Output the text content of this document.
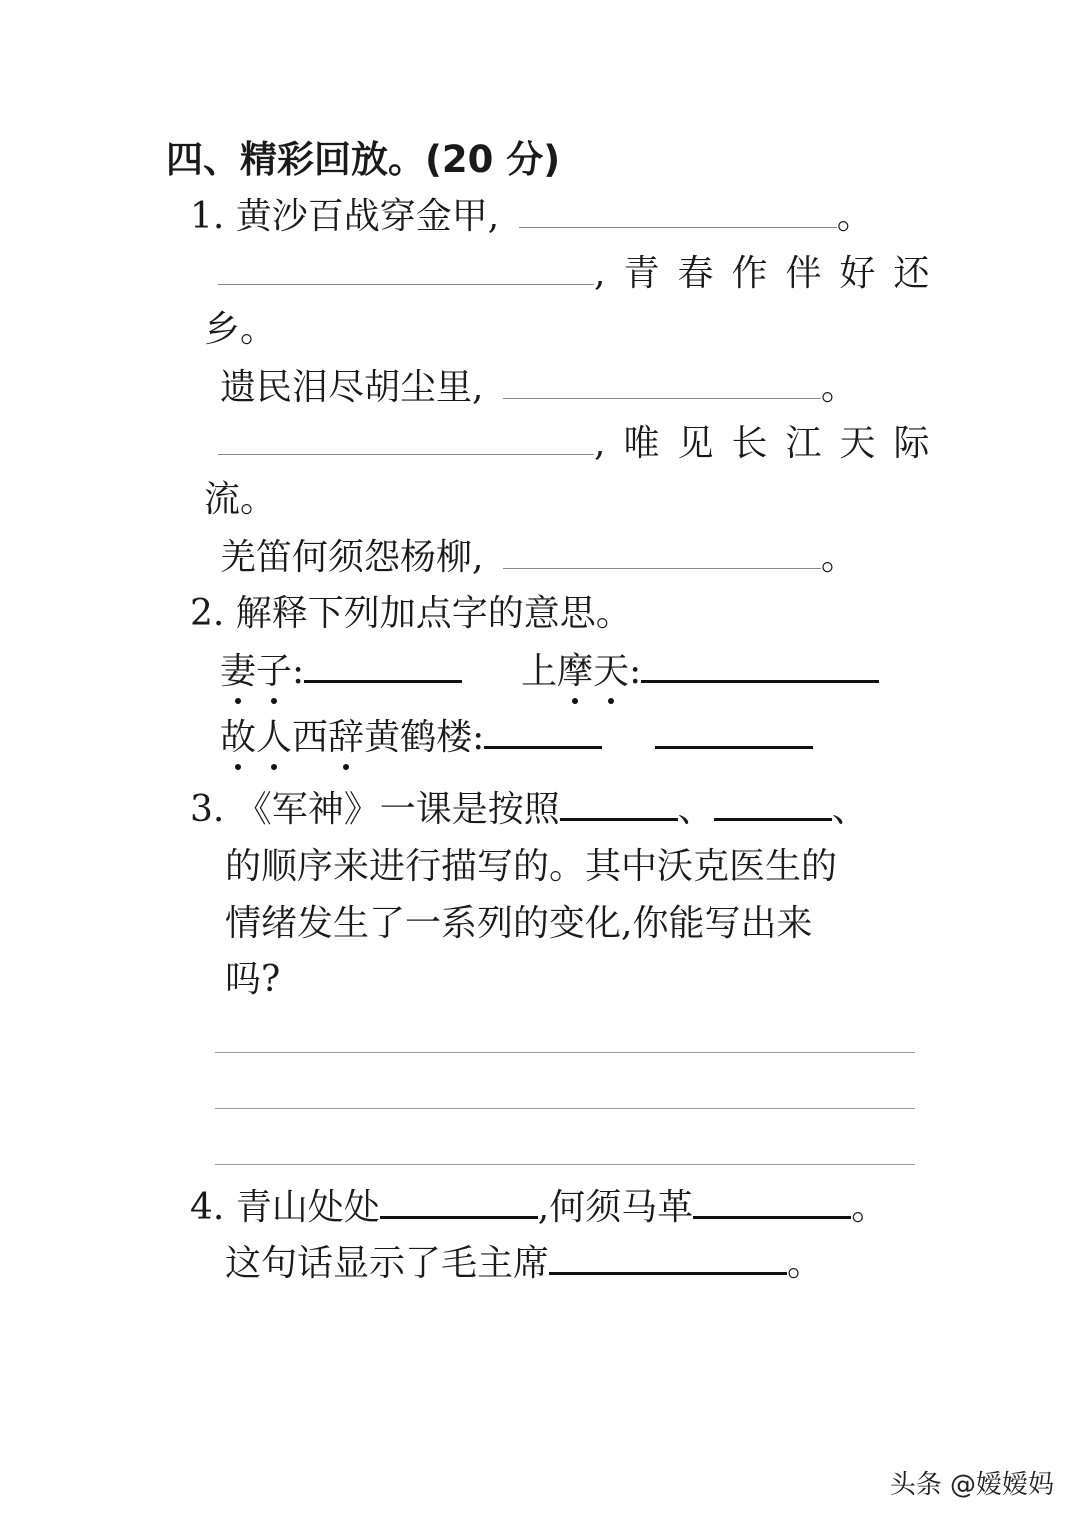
四、精彩回放。(20 分)
1. 黄沙百战穿金甲,	。
,青春作伴好还
乡。
遗民泪尽胡尘里,	。
,唯见长江天际
流。
羌笛何须怨杨柳,	。
2. 解释下列加点字的意思。
妻子:	上摩天:
故人西辞黄鹤楼:
3. 《军神》一课是按照	、	、
的顺序来进行描写的。其中沃克医生的
情绪发生了一系列的变化,你能写出来
吗?
4. 青山处处	,何须马革	。
这句话显示了毛主席	。
头条 @嫒嫒妈
